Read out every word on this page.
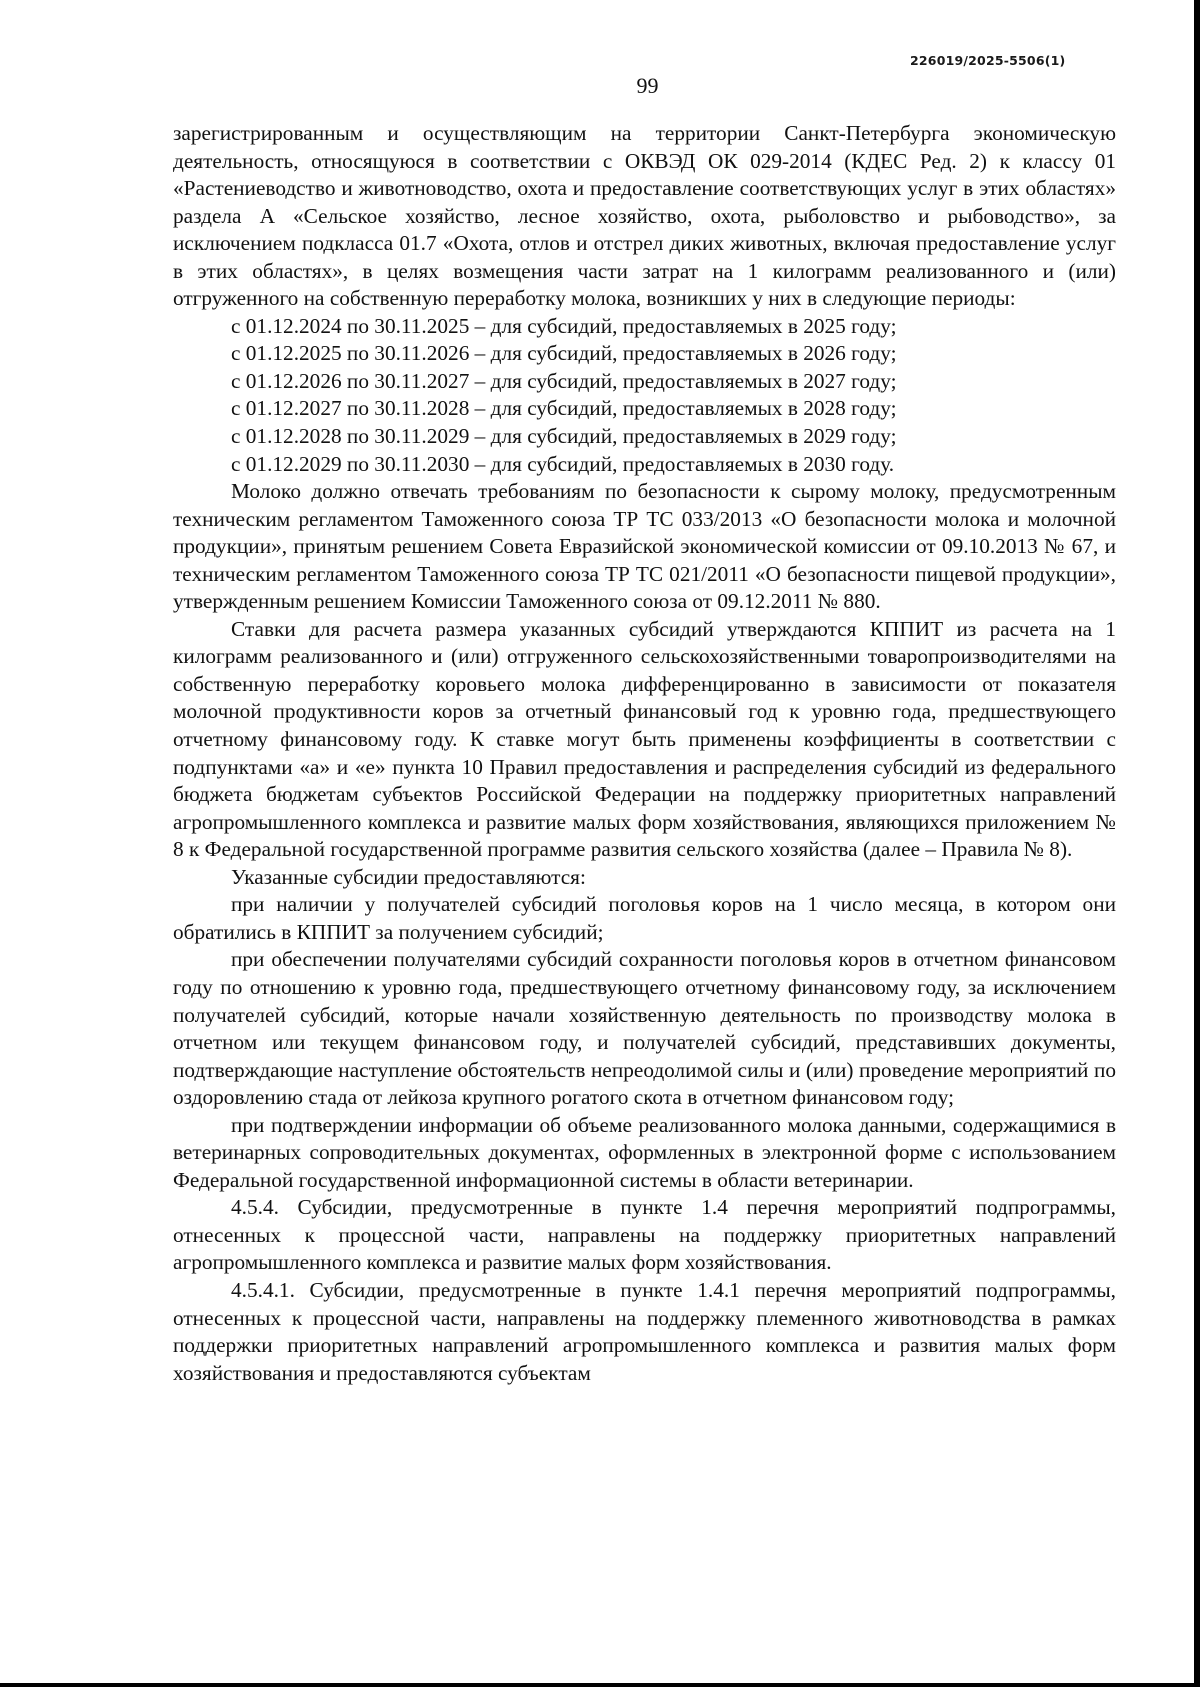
226019/2025-5506(1)
99

зарегистрированным и осуществляющим на территории Санкт-Петербурга экономическую деятельность, относящуюся в соответствии с ОКВЭД ОК 029-2014 (КДЕС Ред. 2) к классу 01 «Растениеводство и животноводство, охота и предоставление соответствующих услуг в этих областях» раздела А «Сельское хозяйство, лесное хозяйство, охота, рыболовство и рыбоводство», за исключением подкласса 01.7 «Охота, отлов и отстрел диких животных, включая предоставление услуг в этих областях», в целях возмещения части затрат на 1 килограмм реализованного и (или) отгруженного на собственную переработку молока, возникших у них в следующие периоды:

с 01.12.2024 по 30.11.2025 – для субсидий, предоставляемых в 2025 году;

с 01.12.2025 по 30.11.2026 – для субсидий, предоставляемых в 2026 году;

с 01.12.2026 по 30.11.2027 – для субсидий, предоставляемых в 2027 году;

с 01.12.2027 по 30.11.2028 – для субсидий, предоставляемых в 2028 году;

с 01.12.2028 по 30.11.2029 – для субсидий, предоставляемых в 2029 году;

с 01.12.2029 по 30.11.2030 – для субсидий, предоставляемых в 2030 году.

Молоко должно отвечать требованиям по безопасности к сырому молоку, предусмотренным техническим регламентом Таможенного союза ТР ТС 033/2013 «О безопасности молока и молочной продукции», принятым решением Совета Евразийской экономической комиссии от 09.10.2013 № 67, и техническим регламентом Таможенного союза ТР ТС 021/2011 «О безопасности пищевой продукции», утвержденным решением Комиссии Таможенного союза от 09.12.2011 № 880.

Ставки для расчета размера указанных субсидий утверждаются КППИТ из расчета на 1 килограмм реализованного и (или) отгруженного сельскохозяйственными товаропроизводителями на собственную переработку коровьего молока дифференцированно в зависимости от показателя молочной продуктивности коров за отчетный финансовый год к уровню года, предшествующего отчетному финансовому году. К ставке могут быть применены коэффициенты в соответствии с подпунктами «а» и «е» пункта 10 Правил предоставления и распределения субсидий из федерального бюджета бюджетам субъектов Российской Федерации на поддержку приоритетных направлений агропромышленного комплекса и развитие малых форм хозяйствования, являющихся приложением № 8 к Федеральной государственной программе развития сельского хозяйства (далее – Правила № 8).

Указанные субсидии предоставляются:

при наличии у получателей субсидий поголовья коров на 1 число месяца, в котором они обратились в КППИТ за получением субсидий;

при обеспечении получателями субсидий сохранности поголовья коров в отчетном финансовом году по отношению к уровню года, предшествующего отчетному финансовому году, за исключением получателей субсидий, которые начали хозяйственную деятельность по производству молока в отчетном или текущем финансовом году, и получателей субсидий, представивших документы, подтверждающие наступление обстоятельств непреодолимой силы и (или) проведение мероприятий по оздоровлению стада от лейкоза крупного рогатого скота в отчетном финансовом году;

при подтверждении информации об объеме реализованного молока данными, содержащимися в ветеринарных сопроводительных документах, оформленных в электронной форме с использованием Федеральной государственной информационной системы в области ветеринарии.

4.5.4. Субсидии, предусмотренные в пункте 1.4 перечня мероприятий подпрограммы, отнесенных к процессной части, направлены на поддержку приоритетных направлений агропромышленного комплекса и развитие малых форм хозяйствования.

4.5.4.1. Субсидии, предусмотренные в пункте 1.4.1 перечня мероприятий подпрограммы, отнесенных к процессной части, направлены на поддержку племенного животноводства в рамках поддержки приоритетных направлений агропромышленного комплекса и развития малых форм хозяйствования и предоставляются субъектам
